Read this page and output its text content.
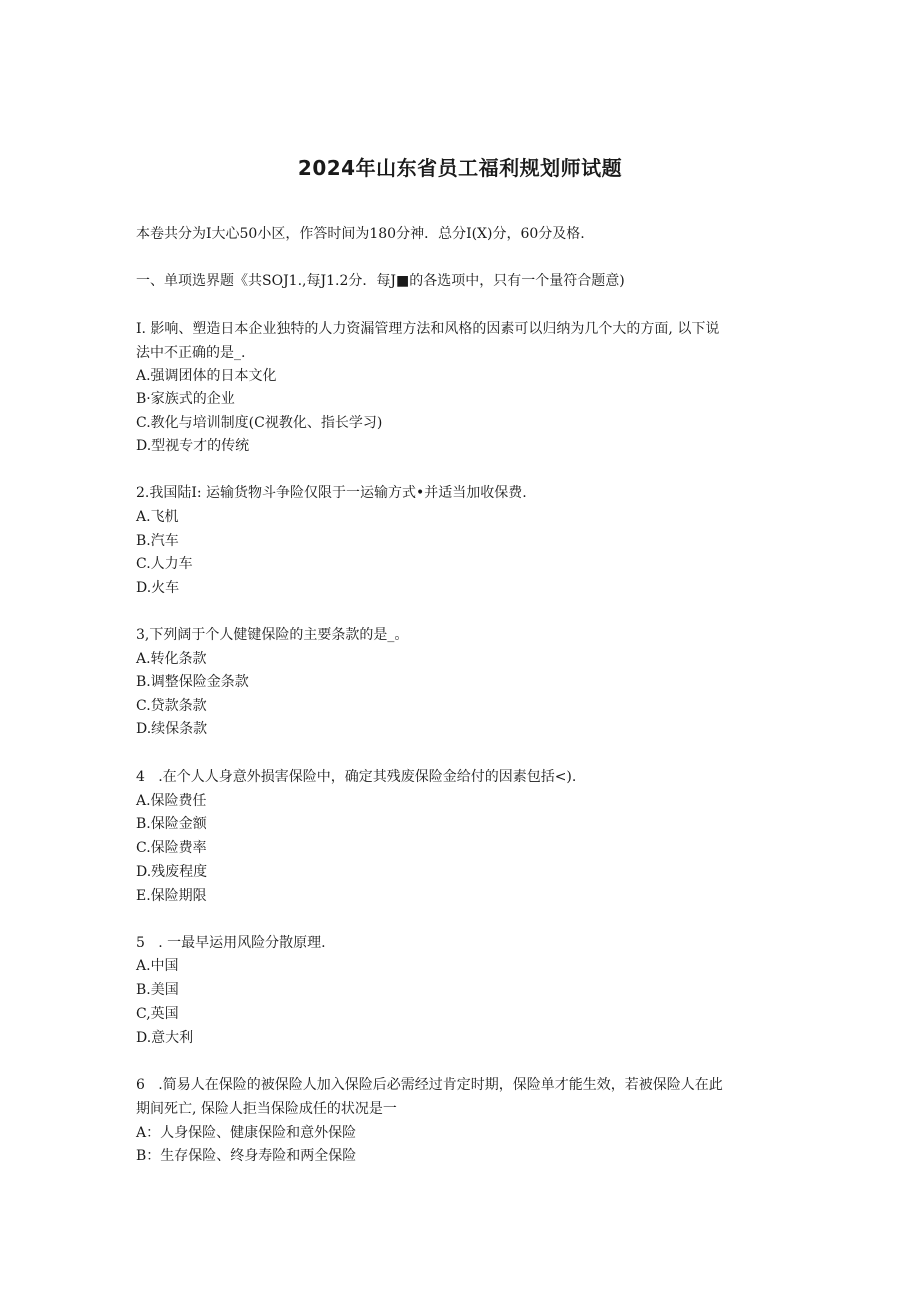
2024年山东省员工福利规划师试题

本卷共分为I大心50小区，作答时间为180分神．总分I(X)分，60分及格.

一、单项选界题《共SOJ1.,每J1.2分．每J■的各选项中，只有一个量符合题意)

I. 影响、塑造日本企业独特的人力资漏管理方法和风格的因素可以归纳为几个大的方面, 以下说

法中不正确的是_.

A.强调团体的日本文化

B·家族式的企业

C.教化与培训制度(C视教化、指长学习)

D.型视专才的传统

2.我国陆I: 运输货物斗争险仅限于一运输方式•并适当加收保费.

A.飞机

B.汽车

C.人力车

D.火车

3,下列阔于个人健键保险的主要条款的是_。

A.转化条款

B.调整保险金条款

C.贷款条款

D.续保条款

4   .在个人人身意外损害保险中，确定其残废保险金给付的因素包括<).

A.保险费任

B.保险金额

C.保险费率

D.残废程度

E.保险期限

5   . 一最早运用风险分散原理.

A.中国

B.美国

C,英国

D.意大利

6   .简易人在保险的被保险人加入保险后必需经过肯定时期，保险单才能生效，若被保险人在此

期间死亡, 保险人拒当保险成任的状况是一

A：人身保险、健康保险和意外保险

B：生存保险、终身寿险和两全保险
